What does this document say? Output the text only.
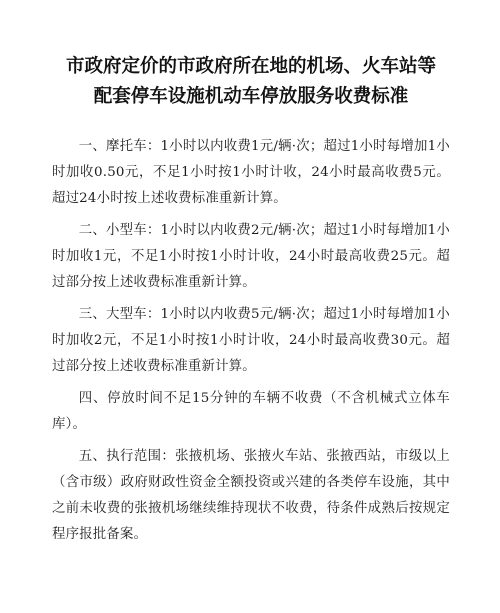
市政府定价的市政府所在地的机场、火车站等
配套停车设施机动车停放服务收费标准

一、摩托车：1小时以内收费1元/辆·次；超过1小时每增加1小时加收0.50元，不足1小时按1小时计收，24小时最高收费5元。超过24小时按上述收费标准重新计算。

二、小型车：1小时以内收费2元/辆·次；超过1小时每增加1小时加收1元，不足1小时按1小时计收，24小时最高收费25元。超过部分按上述收费标准重新计算。

三、大型车：1小时以内收费5元/辆·次；超过1小时每增加1小时加收2元，不足1小时按1小时计收，24小时最高收费30元。超过部分按上述收费标准重新计算。

四、停放时间不足15分钟的车辆不收费（不含机械式立体车库）。

五、执行范围：张掖机场、张掖火车站、张掖西站，市级以上（含市级）政府财政性资金全额投资或兴建的各类停车设施，其中之前未收费的张掖机场继续维持现状不收费，待条件成熟后按规定程序报批备案。
